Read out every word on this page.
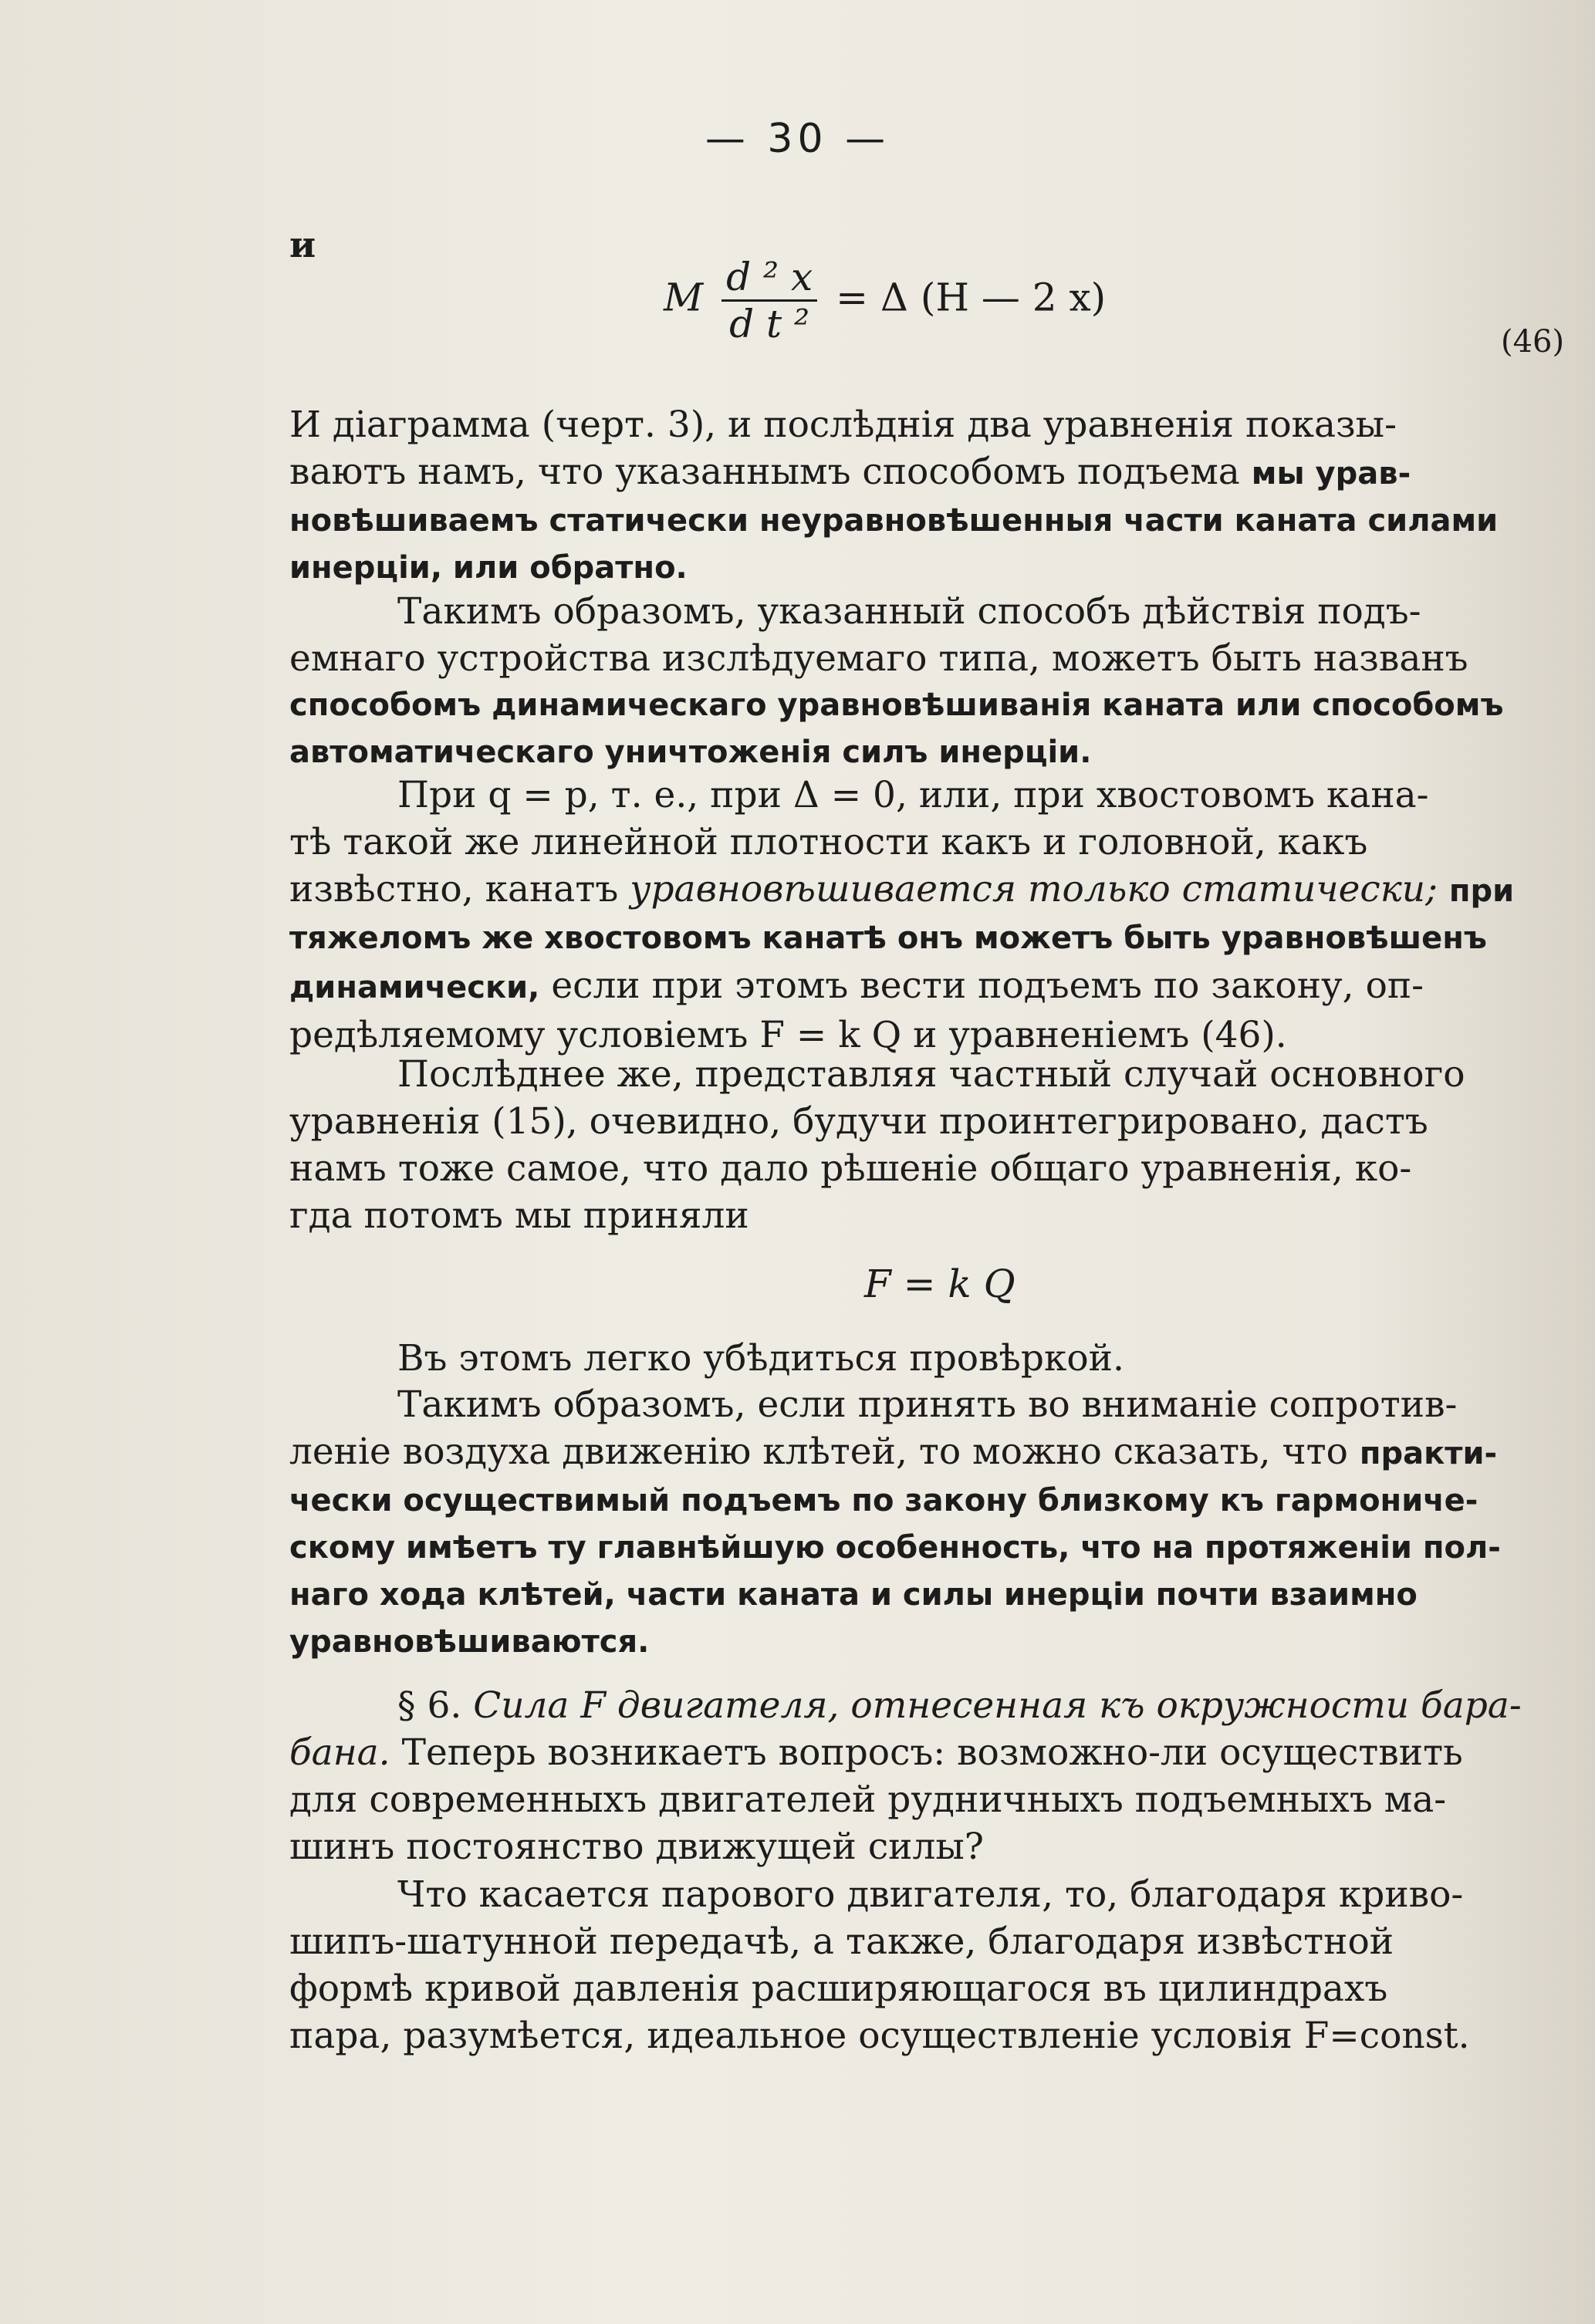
— 30 —
и
M $\frac{\text{d ² x}}{\text{d t ²}} = \Delta$ (H — 2 x)
(46)
И діаграмма (черт. 3), и послѣднія два уравненія показы-
ваютъ намъ, что указаннымъ способомъ подъема мы урав-
новѣшиваемъ статически неуравновѣшенныя части каната силами
инерціи, или обратно.
Такимъ образомъ, указанный способъ дѣйствія подъ-
емнаго устройства изслѣдуемаго типа, можетъ быть названъ
способомъ динамическаго уравновѣшиванія каната или способомъ
автоматическаго уничтоженія силъ инерціи.
При q = p, т. е., при Δ = 0, или, при хвостовомъ кана-
тѣ такой же линейной плотности какъ и головной, какъ
извѣстно, канатъ уравновѣшивается только статически; при
тяжеломъ же хвостовомъ канатѣ онъ можетъ быть уравновѣшенъ
динамически, если при этомъ вести подъемъ по закону, оп-
редѣляемому условіемъ F = k Q и уравненіемъ (46).
Послѣднее же, представляя частный случай основного
уравненія (15), очевидно, будучи проинтегрировано, дастъ
намъ тоже самое, что дало рѣшеніе общаго уравненія, ко-
гда потомъ мы приняли
F = k Q
Въ этомъ легко убѣдиться провѣркой.
Такимъ образомъ, если принять во вниманіе сопротив-
леніе воздуха движенію клѣтей, то можно сказать, что практи-
чески осуществимый подъемъ по закону близкому къ гармониче-
скому имѣетъ ту главнѣйшую особенность, что на протяженіи пол-
наго хода клѣтей, части каната и силы инерціи почти взаимно
уравновѣшиваются.
§ 6. Сила F двигателя, отнесенная къ окружности бара-
бана. Теперь возникаетъ вопросъ: возможно-ли осуществить
для современныхъ двигателей рудничныхъ подъемныхъ ма-
шинъ постоянство движущей силы?
Что касается парового двигателя, то, благодаря криво-
шипъ-шатунной передачѣ, а также, благодаря извѣстной
формѣ кривой давленія расширяющагося въ цилиндрахъ
пара, разумѣется, идеальное осуществленіе условія F=const.
